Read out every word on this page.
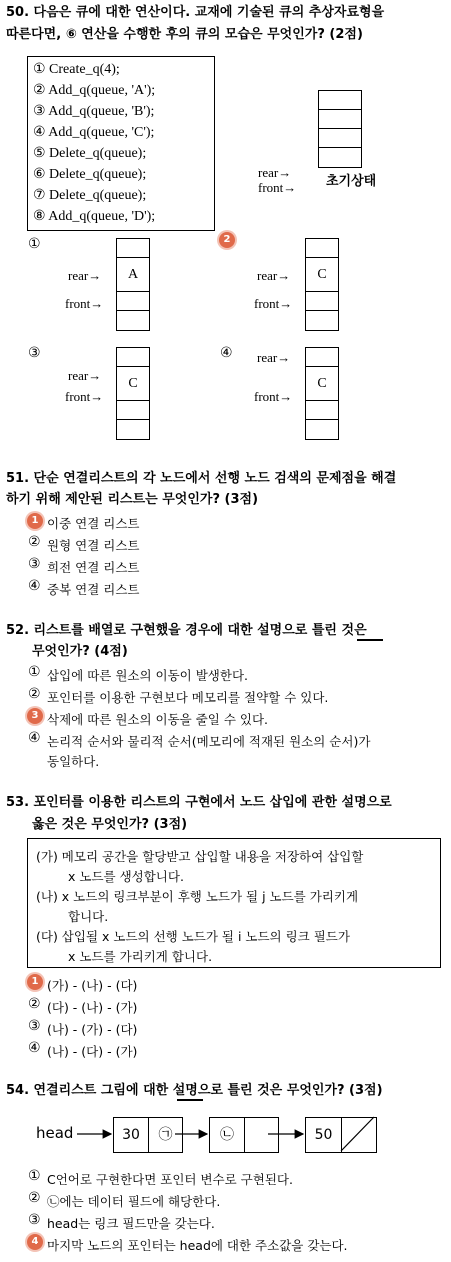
50. 다음은 큐에 대한 연산이다. 교재에 기술된 큐의 추상자료형을
따른다면, ⑥ 연산을 수행한 후의 큐의 모습은 무엇인가? (2점)
① Create_q(4);
② Add_q(queue, 'A');
③ Add_q(queue, 'B');
④ Add_q(queue, 'C');
⑤ Delete_q(queue);
⑥ Delete_q(queue);
⑦ Delete_q(queue);
⑧ Add_q(queue, 'D');
rear→
front→ 초기상태
①
A
rear→
front→
2
C
rear→
front→
③
C
rear→
front→
④
C
rear→
front→
51. 단순 연결리스트의 각 노드에서 선행 노드 검색의 문제점을 해결
하기 위해 제안된 리스트는 무엇인가? (3점)
1 이중 연결 리스트
② 원형 연결 리스트
③ 희전 연결 리스트
④ 중복 연결 리스트
52. 리스트를 배열로 구현했을 경우에 대한 설명으로 틀린 것은
무엇인가? (4점)
① 삽입에 따른 원소의 이동이 발생한다.
② 포인터를 이용한 구현보다 메모리를 절약할 수 있다.
3 삭제에 따른 원소의 이동을 줄일 수 있다.
④ 논리적 순서와 물리적 순서(메모리에 적재된 원소의 순서)가
동일하다.
53. 포인터를 이용한 리스트의 구현에서 노드 삽입에 관한 설명으로
옳은 것은 무엇인가? (3점)
(가) 메모리 공간을 할당받고 삽입할 내용을 저장하여 삽입할
x 노드를 생성합니다.
(나) x 노드의 링크부분이 후행 노드가 될 j 노드를 가리키게
합니다.
(다) 삽입될 x 노드의 선행 노드가 될 i 노드의 링크 필드가
x 노드를 가리키게 합니다.
1 (가) - (나) - (다)
② (다) - (나) - (가)
③ (나) - (가) - (다)
④ (나) - (다) - (가)
54. 연결리스트 그림에 대한 설명으로 틀린 것은 무엇인가? (3점)
head	30	㉠	㉡	50
① C언어로 구현한다면 포인터 변수로 구현된다.
② ㉡에는 데이터 필드에 해당한다.
③ head는 링크 필드만을 갖는다.
4 마지막 노드의 포인터는 head에 대한 주소값을 갖는다.
